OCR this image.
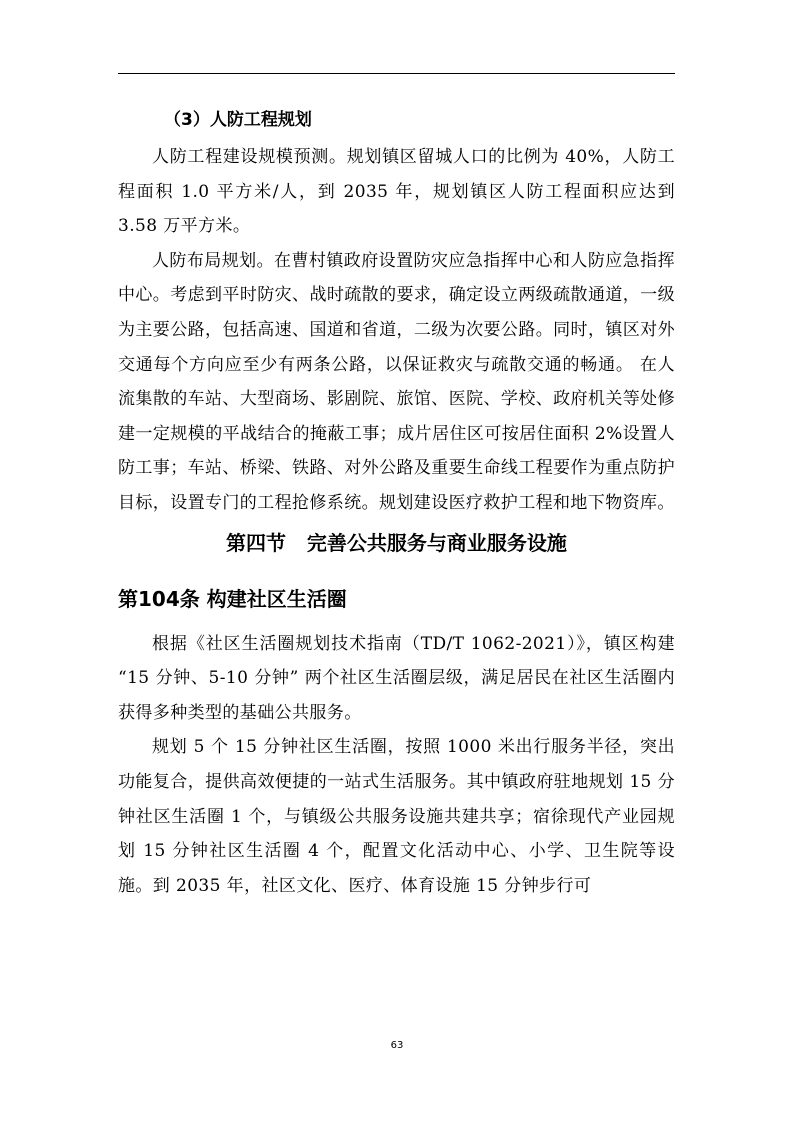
（3）人防工程规划

人防工程建设规模预测。规划镇区留城人口的比例为 40%，人防工程面积 1.0 平方米/人，到 2035 年，规划镇区人防工程面积应达到 3.58 万平方米。

人防布局规划。在曹村镇政府设置防灾应急指挥中心和人防应急指挥中心。考虑到平时防灾、战时疏散的要求，确定设立两级疏散通道，一级为主要公路，包括高速、国道和省道，二级为次要公路。同时，镇区对外交通每个方向应至少有两条公路，以保证救灾与疏散交通的畅通。 在人流集散的车站、大型商场、影剧院、旅馆、医院、学校、政府机关等处修建一定规模的平战结合的掩蔽工事；成片居住区可按居住面积 2%设置人防工事；车站、桥梁、铁路、对外公路及重要生命线工程要作为重点防护目标，设置专门的工程抢修系统。规划建设医疗救护工程和地下物资库。

第四节   完善公共服务与商业服务设施
第104条 构建社区生活圈

根据《社区生活圈规划技术指南（TD/T 1062-2021）》，镇区构建 “15 分钟、5-10 分钟” 两个社区生活圈层级，满足居民在社区生活圈内获得多种类型的基础公共服务。

规划 5 个 15 分钟社区生活圈，按照 1000 米出行服务半径，突出功能复合，提供高效便捷的一站式生活服务。其中镇政府驻地规划 15 分钟社区生活圈 1 个，与镇级公共服务设施共建共享；宿徐现代产业园规划 15 分钟社区生活圈 4 个，配置文化活动中心、小学、卫生院等设施。到 2035 年，社区文化、医疗、体育设施 15 分钟步行可

63
